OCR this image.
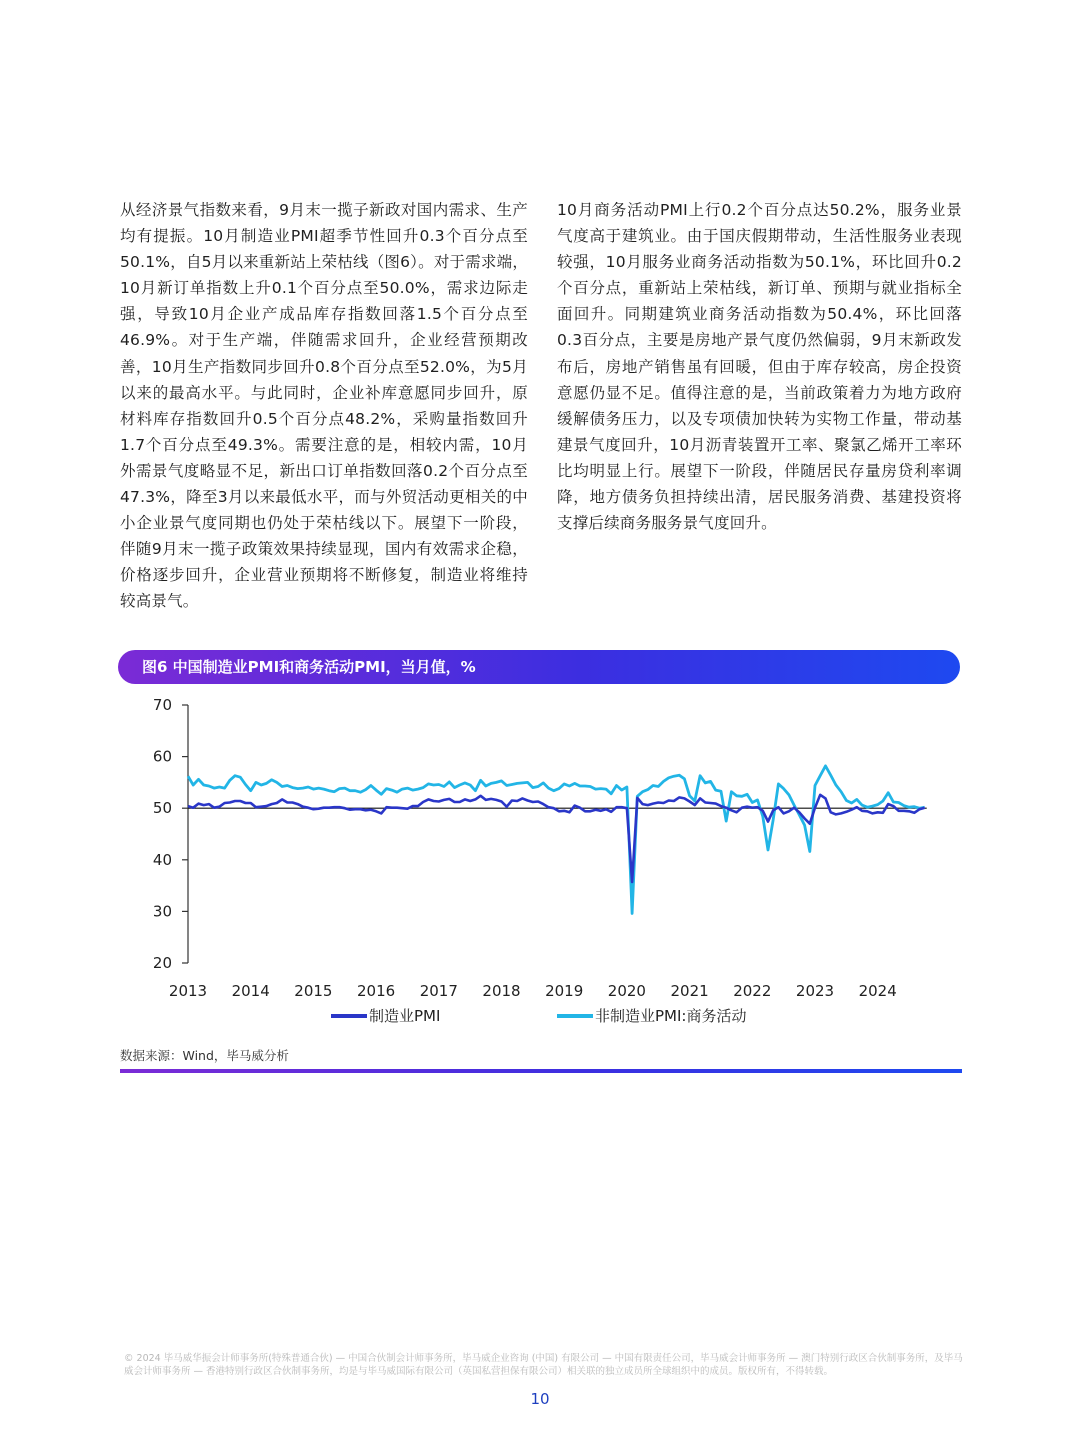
从经济景气指数来看，9月末一揽子新政对国内需求、生产均有提振。10月制造业PMI超季节性回升0.3个百分点至50.1%，自5月以来重新站上荣枯线（图6）。对于需求端，10月新订单指数上升0.1个百分点至50.0%，需求边际走强，导致10月企业产成品库存指数回落1.5个百分点至46.9%。对于生产端，伴随需求回升，企业经营预期改善，10月生产指数同步回升0.8个百分点至52.0%，为5月以来的最高水平。与此同时，企业补库意愿同步回升，原材料库存指数回升0.5个百分点48.2%，采购量指数回升1.7个百分点至49.3%。需要注意的是，相较内需，10月外需景气度略显不足，新出口订单指数回落0.2个百分点至47.3%，降至3月以来最低水平，而与外贸活动更相关的中小企业景气度同期也仍处于荣枯线以下。展望下一阶段，伴随9月末一揽子政策效果持续显现，国内有效需求企稳，价格逐步回升，企业营业预期将不断修复，制造业将维持较高景气。
10月商务活动PMI上行0.2个百分点达50.2%，服务业景气度高于建筑业。由于国庆假期带动，生活性服务业表现较强，10月服务业商务活动指数为50.1%，环比回升0.2个百分点，重新站上荣枯线，新订单、预期与就业指标全面回升。同期建筑业商务活动指数为50.4%，环比回落0.3百分点，主要是房地产景气度仍然偏弱，9月末新政发布后，房地产销售虽有回暖，但由于库存较高，房企投资意愿仍显不足。值得注意的是，当前政策着力为地方政府缓解债务压力，以及专项债加快转为实物工作量，带动基建景气度回升，10月沥青装置开工率、聚氯乙烯开工率环比均明显上行。展望下一阶段，伴随居民存量房贷利率调降，地方债务负担持续出清，居民服务消费、基建投资将支撑后续商务服务景气度回升。
图6 中国制造业PMI和商务活动PMI，当月值，%
20
30
40
50
60
70
2013 2014 2015 2016 2017 2018 2019 2020 2021 2022 2023 2024
制造业PMI	非制造业PMI:商务活动
数据来源：Wind，毕马威分析
© 2024 毕马威华振会计师事务所(特殊普通合伙) — 中国合伙制会计师事务所，毕马威企业咨询 (中国) 有限公司 — 中国有限责任公司，毕马威会计师事务所 — 澳门特别行政区合伙制事务所，及毕马威会计师事务所 — 香港特别行政区合伙制事务所，均是与毕马威国际有限公司（英国私营担保有限公司）相关联的独立成员所全球组织中的成员。版权所有，不得转载。
10
